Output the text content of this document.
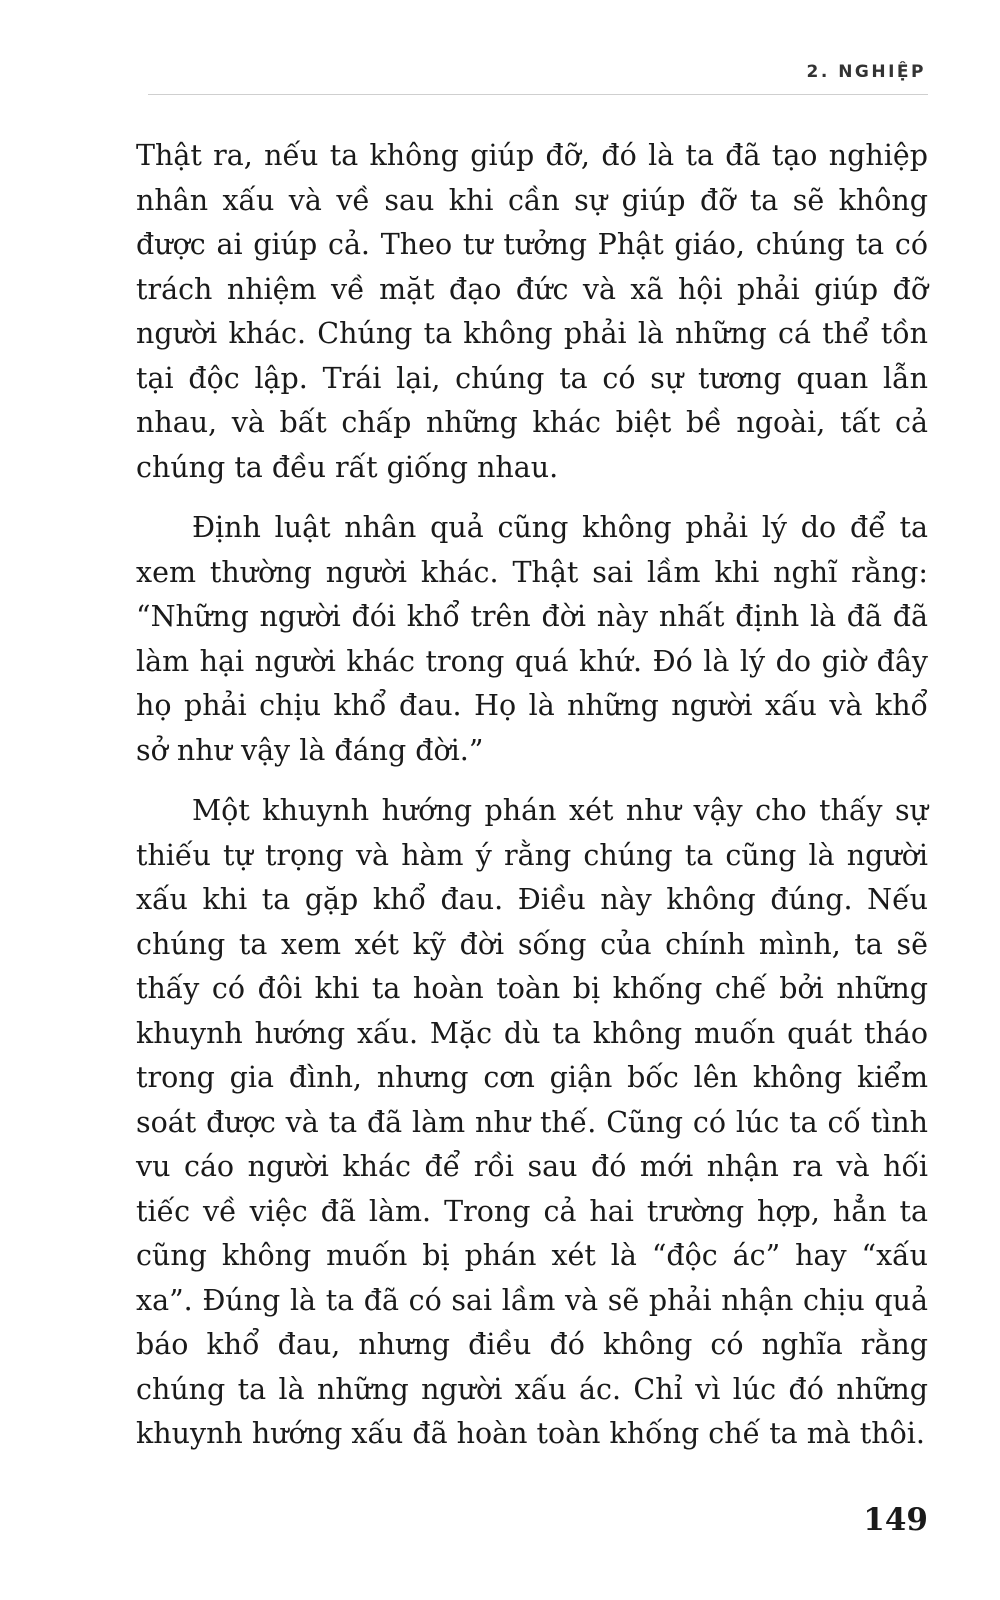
2. NGHIỆP

Thật ra, nếu ta không giúp đỡ, đó là ta đã tạo nghiệp nhân xấu và về sau khi cần sự giúp đỡ ta sẽ không được ai giúp cả. Theo tư tưởng Phật giáo, chúng ta có trách nhiệm về mặt đạo đức và xã hội phải giúp đỡ người khác. Chúng ta không phải là những cá thể tồn tại độc lập. Trái lại, chúng ta có sự tương quan lẫn nhau, và bất chấp những khác biệt bề ngoài, tất cả chúng ta đều rất giống nhau.

Định luật nhân quả cũng không phải lý do để ta xem thường người khác. Thật sai lầm khi nghĩ rằng: “Những người đói khổ trên đời này nhất định là đã đã làm hại người khác trong quá khứ. Đó là lý do giờ đây họ phải chịu khổ đau. Họ là những người xấu và khổ sở như vậy là đáng đời.”

Một khuynh hướng phán xét như vậy cho thấy sự thiếu tự trọng và hàm ý rằng chúng ta cũng là người xấu khi ta gặp khổ đau. Điều này không đúng. Nếu chúng ta xem xét kỹ đời sống của chính mình, ta sẽ thấy có đôi khi ta hoàn toàn bị khống chế bởi những khuynh hướng xấu. Mặc dù ta không muốn quát tháo trong gia đình, nhưng cơn giận bốc lên không kiểm soát được và ta đã làm như thế. Cũng có lúc ta cố tình vu cáo người khác để rồi sau đó mới nhận ra và hối tiếc về việc đã làm. Trong cả hai trường hợp, hẳn ta cũng không muốn bị phán xét là “độc ác” hay “xấu xa”. Đúng là ta đã có sai lầm và sẽ phải nhận chịu quả báo khổ đau, nhưng điều đó không có nghĩa rằng chúng ta là những người xấu ác. Chỉ vì lúc đó những khuynh hướng xấu đã hoàn toàn khống chế ta mà thôi.

149
